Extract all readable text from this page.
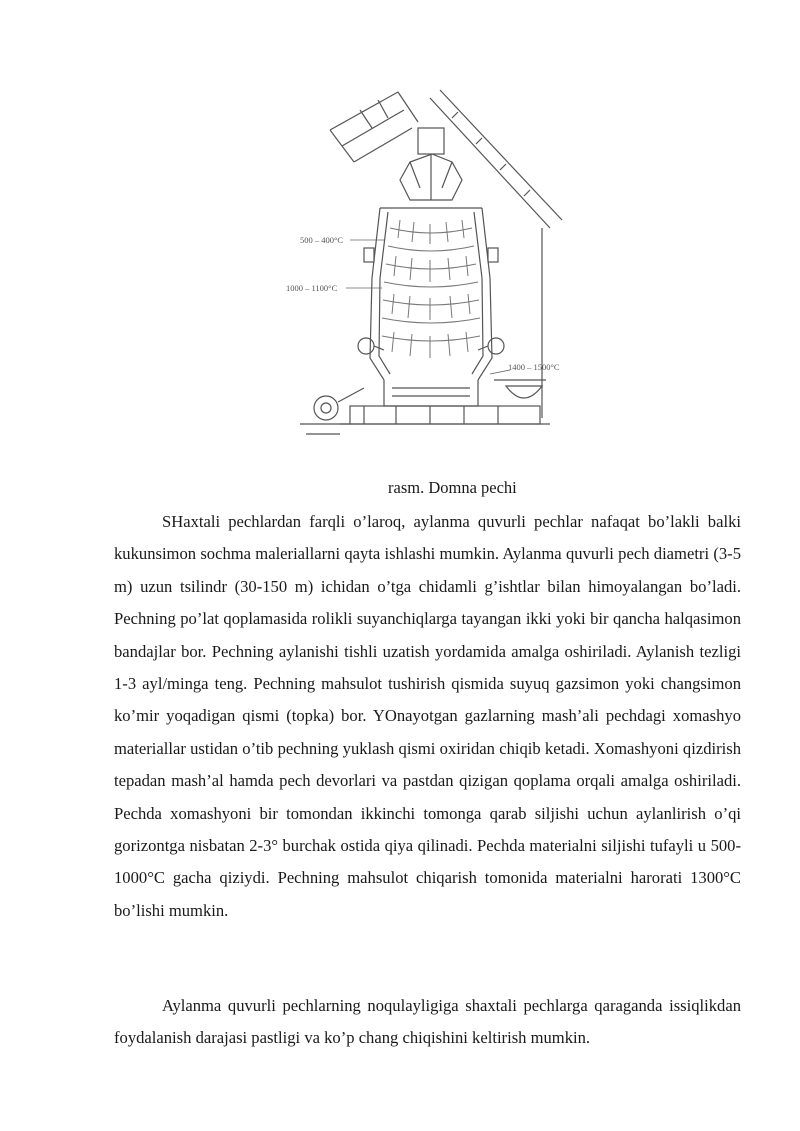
500 – 400°C
1000 – 1100°C
1400 – 1500°C
rasm. Domna pechi

SHaxtali pechlardan farqli o’laroq, aylanma quvurli pechlar nafaqat bo’lakli balki kukunsimon sochma maleriallarni qayta ishlashi mumkin. Aylanma quvurli pech diametri (3-5 m) uzun tsilindr (30-150 m) ichidan o’tga chidamli g’ishtlar bilan himoyalangan bo’ladi. Pechning po’lat qoplamasida rolikli suyanchiqlarga tayangan ikki yoki bir qancha halqasimon bandajlar bor. Pechning aylanishi tishli uzatish yordamida amalga oshiriladi. Aylanish tezligi 1-3 ayl/minga teng. Pechning mahsulot tushirish qismida suyuq gazsimon yoki changsimon ko’mir yoqadigan qismi (topka) bor. YOnayotgan gazlarning mash’ali pechdagi xomashyo materiallar ustidan o’tib pechning yuklash qismi oxiridan chiqib ketadi. Xomashyoni qizdirish tepadan mash’al hamda pech devorlari va pastdan qizigan qoplama orqali amalga oshiriladi. Pechda xomashyoni bir tomondan ikkinchi tomonga qarab siljishi uchun aylanlirish o’qi gorizontga nisbatan 2-3° burchak ostida qiya qilinadi. Pechda materialni siljishi tufayli u 500-1000°C gacha qiziydi. Pechning mahsulot chiqarish tomonida materialni harorati 1300°C bo’lishi mumkin.

Aylanma quvurli pechlarning noqulayligiga shaxtali pechlarga qaraganda issiqlikdan foydalanish darajasi pastligi va ko’p chang chiqishini keltirish mumkin.
